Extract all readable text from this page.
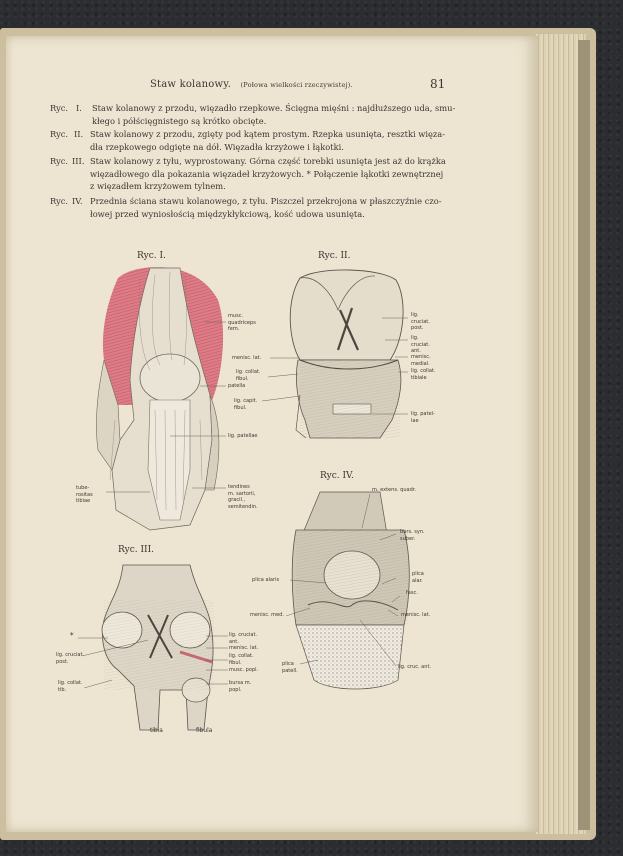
Staw kolanowy. (Połowa wielkości rzeczywistej).	81
Ryc. I. Staw kolanowy z przodu, więzadło rzepkowe. Ścięgna mięśni : najdłuższego uda, smu-
kłego i półścięgnistego są krótko obcięte.
Ryc. II. Staw kolanowy z przodu, zgięty pod kątem prostym. Rzepka usunięta, resztki więza-
dła rzepkowego odgięte na dół. Więzadła krzyżowe i łąkotki.
Ryc. III. Staw kolanowy z tyłu, wyprostowany. Górna część torebki usunięta jest aż do krążka
więzadłowego dla pokazania więzadeł krzyżowych. * Połączenie łąkotki zewnętrznej
z więzadłem krzyżowem tylnem.
Ryc. IV. Przednia ściana stawu kolanowego, z tyłu. Piszczel przekrojona w płaszczyźnie czo-
łowej przed wyniosłością międzykłykciową, kość udowa usunięta.
Ryc. I.	Ryc. II.
Ryc. III.
Ryc. IV.
musc.
quadriceps
fem.
patella
lig. patellae
tube-
rositas
tibiae
tendines
m. sartorii,
gracil.,
semitendin.
menisc. lat.
lig. collat.
fibul.
lig. capit.
fibul.
lig.
cruciat.
post.
lig.
cruciat.
ant.
menisc.
medial.
lig. collat.
tibiale
lig. patel-
lae
*
lig. cruciat.
post.
lig. collat.
tib.
lig. cruciat.
ant.
menisc. lat.
lig. collat.
fibul.
musc. popl.
bursa m.
popl.
tibia	fibula
m. extens. quadr.
burs. syn.
suber.
plica alaris
plica
alar.
fasc.
menisc. med.	menisc. lat.
plica
patell.
lig. cruc. ant.
